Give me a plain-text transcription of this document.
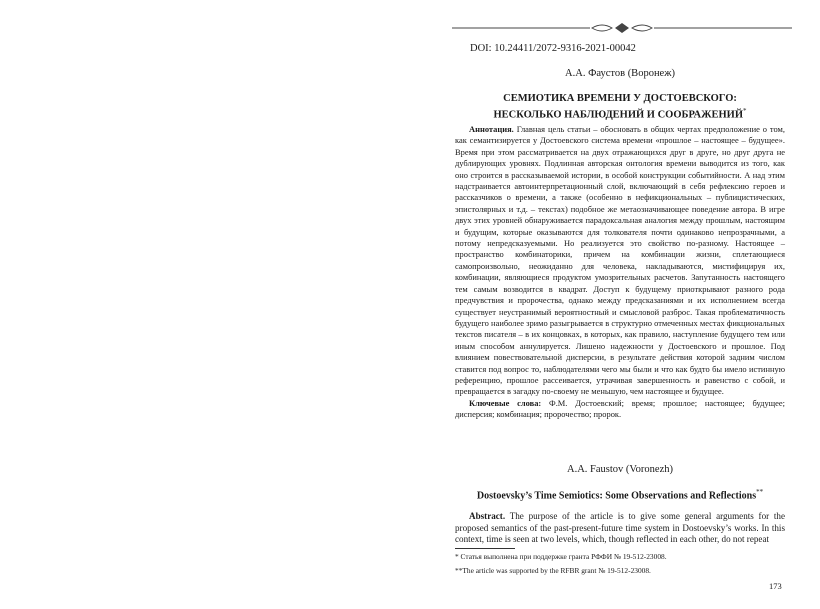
DOI: 10.24411/2072-9316-2021-00042
А.А. Фаустов (Воронеж)
СЕМИОТИКА ВРЕМЕНИ У ДОСТОЕВСКОГО:
НЕСКОЛЬКО НАБЛЮДЕНИЙ И СООБРАЖЕНИЙ*

Аннотация. Главная цель статьи – обосновать в общих чертах предположение о том, как семантизируется у Достоевского система времени «прошлое – настоящее – будущее». Время при этом рассматривается на двух отражающихся друг в друге, но друг друга не дублирующих уровнях. Подлинная авторская онтология времени выводится из того, как оно строится в рассказываемой истории, в особой конструкции событийности. А над этим надстраивается автоинтерпретационный слой, включающий в себя рефлексию героев и рассказчиков о времени, а также (особенно в нефикциональных – публицистических, эпистолярных и т.д. – текстах) подобное же метаозначивающее поведение автора. В игре двух этих уровней обнаруживается парадоксальная аналогия между прошлым, настоящим и будущим, которые оказываются для толкователя почти одинаково непрозрачными, а потому непредсказуемыми. Но реализуется это свойство по-разному. Настоящее – пространство комбинаторики, причем на комбинации жизни, сплетающиеся самопроизвольно, неожиданно для человека, накладываются, мистифицируя их, комбинации, являющиеся продуктом умозрительных расчетов. Запутанность настоящего тем самым возводится в квадрат. Доступ к будущему приоткрывают разного рода предчувствия и пророчества, однако между предсказаниями и их исполнением всегда существует неустранимый вероятностный и смысловой разброс. Такая проблематичность будущего наиболее зримо разыгрывается в структурно отмеченных местах фикциональных текстов писателя – в их концовках, в которых, как правило, наступление будущего тем или иным способом аннулируется. Лишено надежности у Достоевского и прошлое. Под влиянием повествовательной дисперсии, в результате действия которой задним числом ставится под вопрос то, наблюдателями чего мы были и что как будто бы имело истинную референцию, прошлое рассеивается, утрачивая завершенность и равенство с собой, и превращается в загадку по-своему не меньшую, чем настоящее и будущее.

Ключевые слова: Ф.М. Достоевский; время; прошлое; настоящее; будущее; дисперсия; комбинация; пророчество; пророк.

A.A. Faustov (Voronezh)
Dostoevsky’s Time Semiotics: Some Observations and Reflections**

Abstract. The purpose of the article is to give some general arguments for the proposed semantics of the past-present-future time system in Dostoevsky’s works. In this context, time is seen at two levels, which, though reflected in each other, do not repeat

* Статья выполнена при поддержке гранта РФФИ № 19-512-23008.
**The article was supported by the RFBR grant № 19-512-23008.
173
